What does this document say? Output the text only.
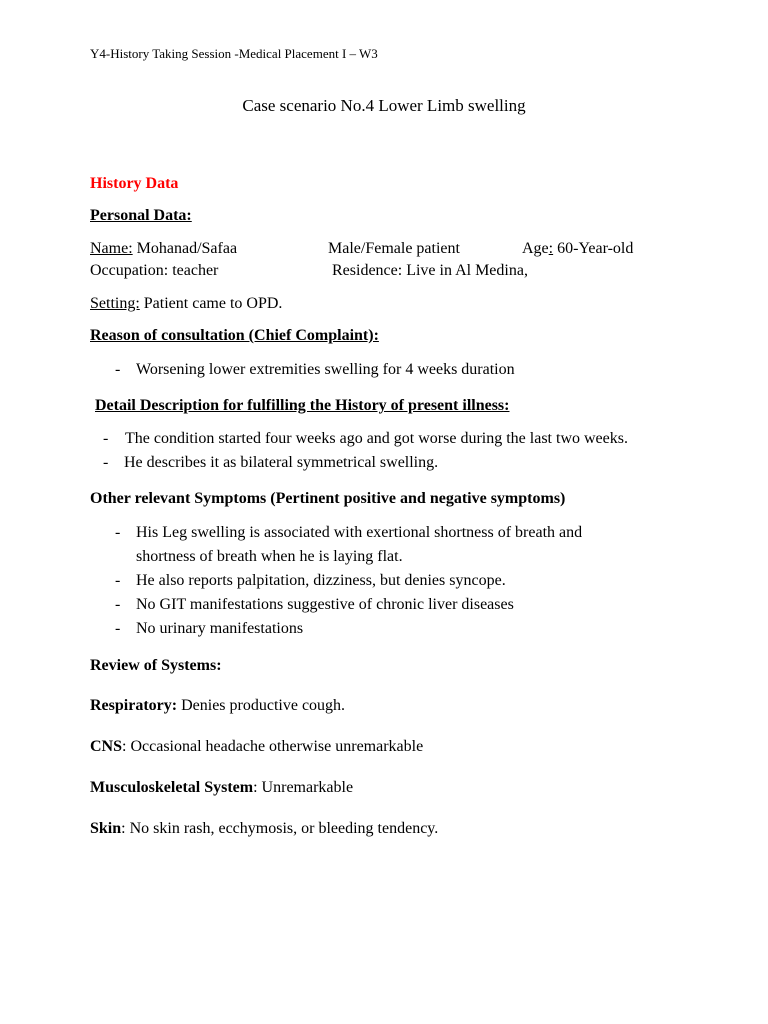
Y4-History Taking Session -Medical Placement I – W3
Case scenario No.4 Lower Limb swelling
History Data
Personal Data:
Name: Mohanad/Safaa	Male/Female patient	Age: 60-Year-old
Occupation: teacher	Residence: Live in Al Medina,
Setting: Patient came to OPD.
Reason of consultation (Chief Complaint):
- Worsening lower extremities swelling for 4 weeks duration
Detail Description for fulfilling the History of present illness:
- The condition started four weeks ago and got worse during the last two weeks.
- He describes it as bilateral symmetrical swelling.
Other relevant Symptoms (Pertinent positive and negative symptoms)
- His Leg swelling is associated with exertional shortness of breath and
shortness of breath when he is laying flat.
- He also reports palpitation, dizziness, but denies syncope.
- No GIT manifestations suggestive of chronic liver diseases
- No urinary manifestations
Review of Systems:
Respiratory: Denies productive cough.
CNS: Occasional headache otherwise unremarkable
Musculoskeletal System: Unremarkable
Skin: No skin rash, ecchymosis, or bleeding tendency.
